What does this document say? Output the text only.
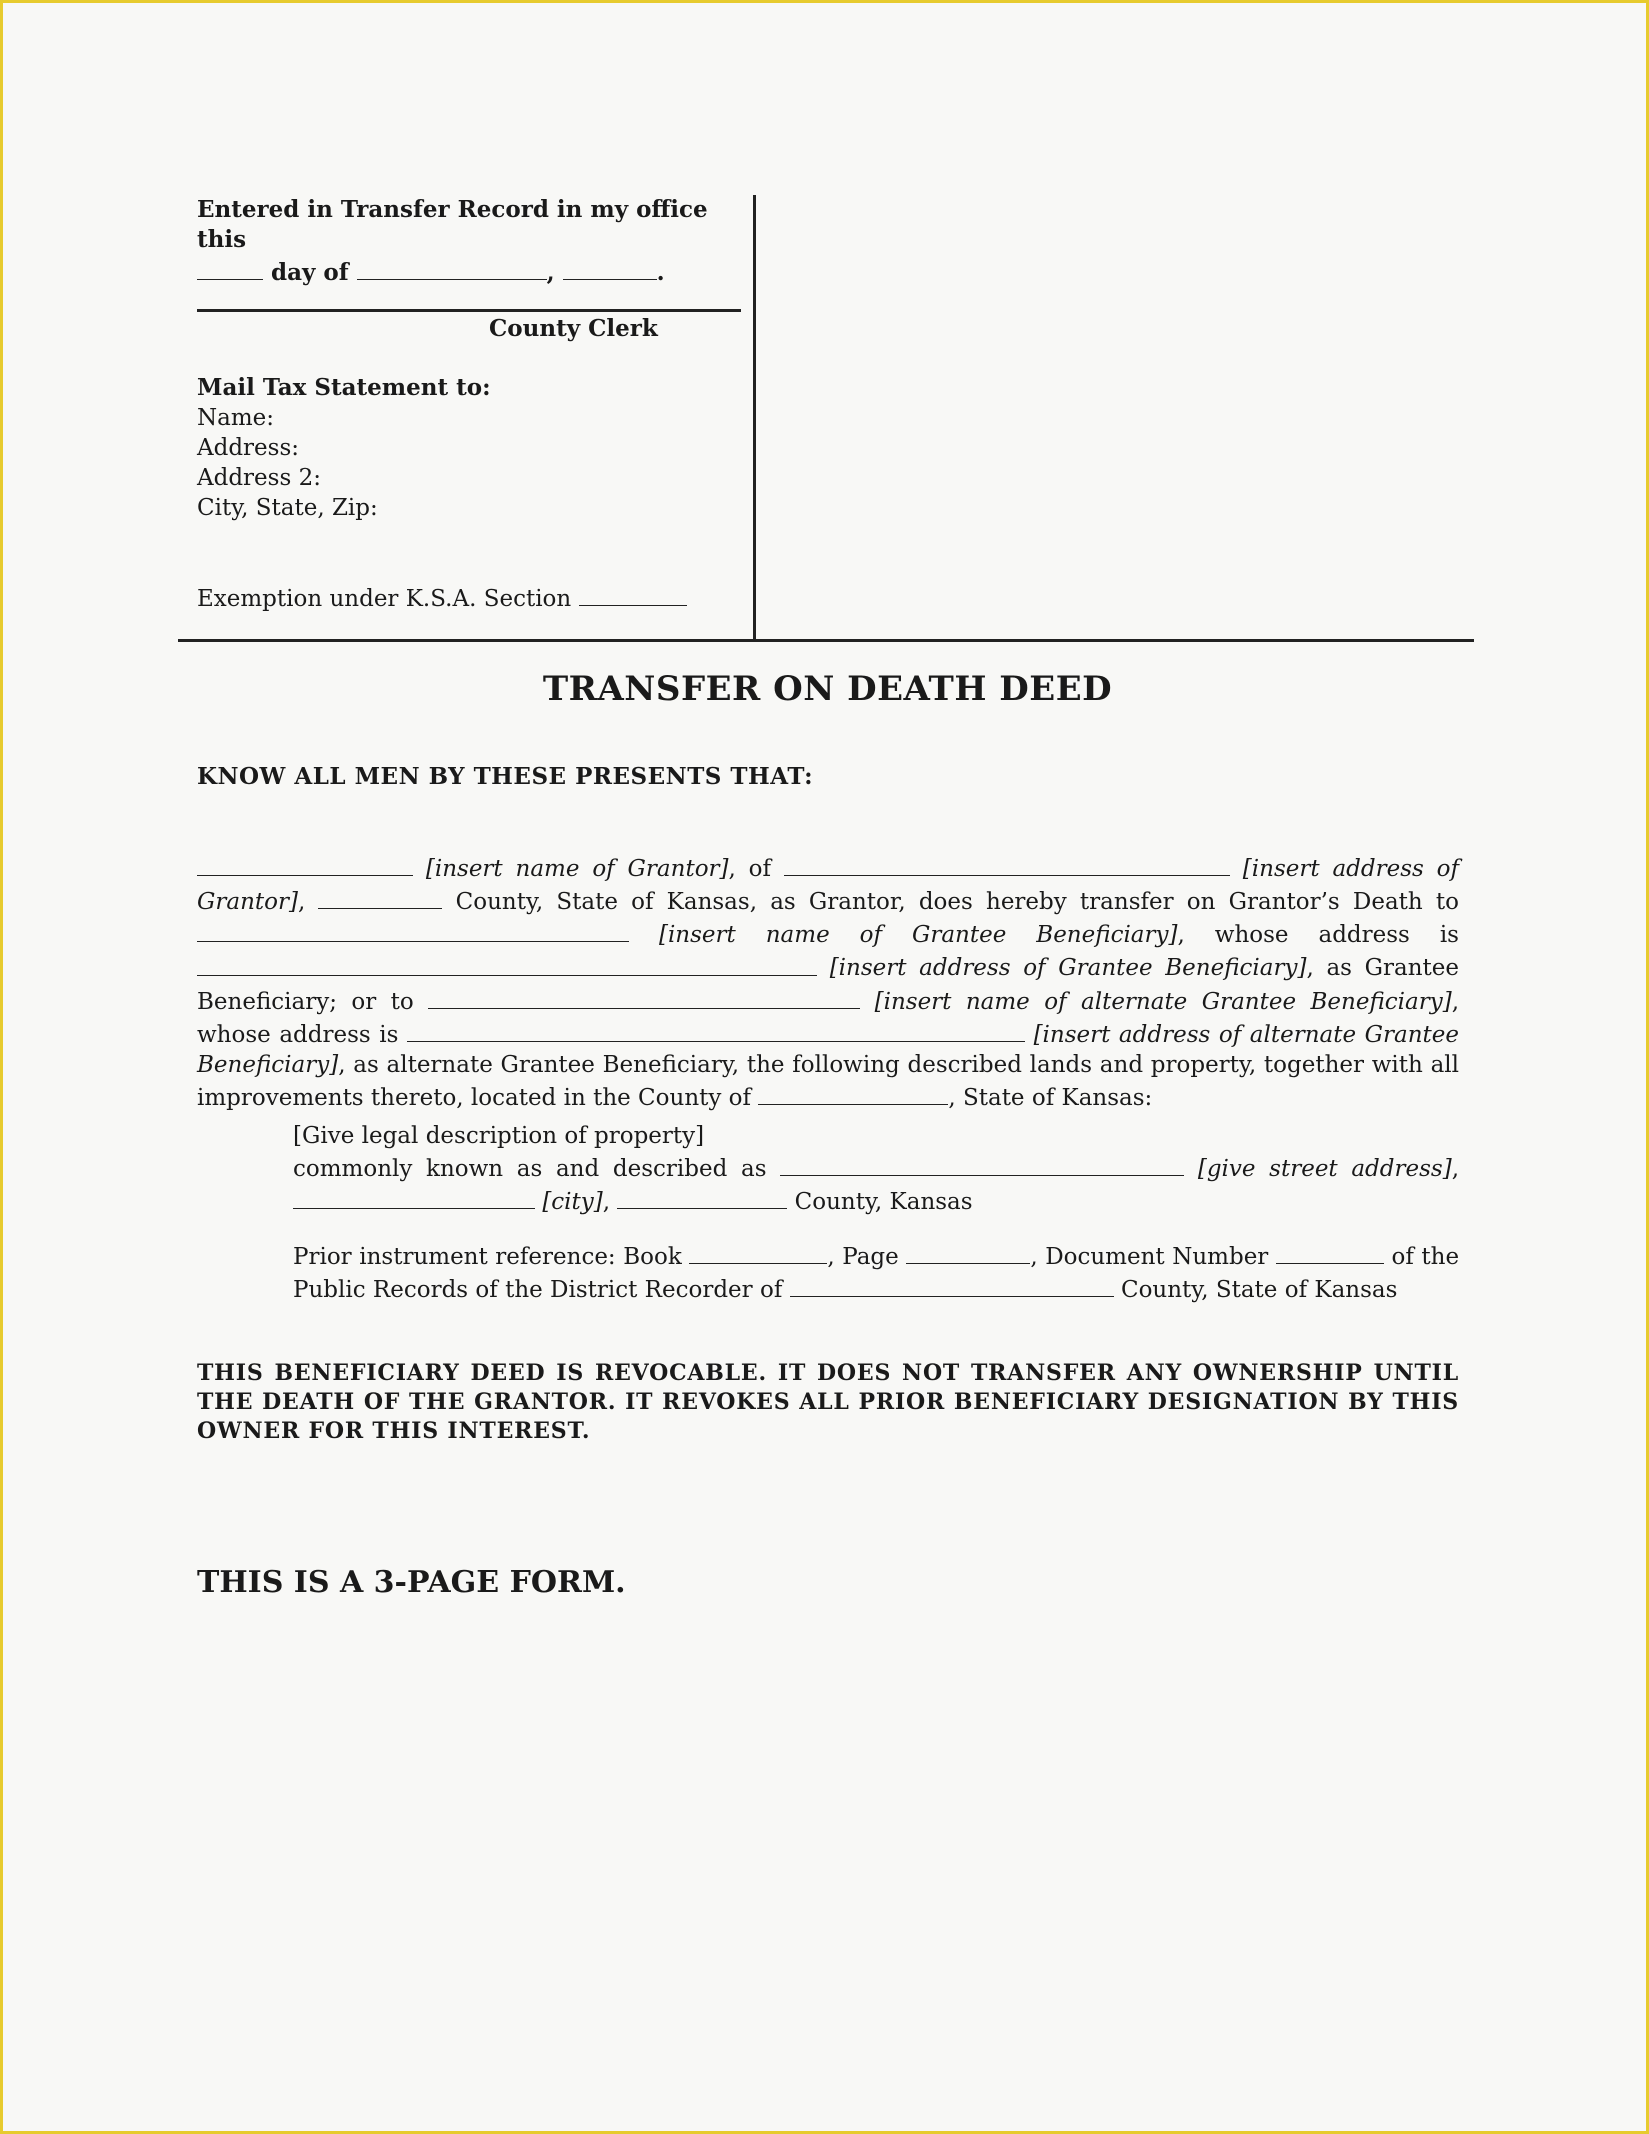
Entered in Transfer Record in my office this
day of	,	.
County Clerk
Mail Tax Statement to:
Name:
Address:
Address 2:
City, State, Zip:
Exemption under K.S.A. Section
TRANSFER ON DEATH DEED
KNOW ALL MEN BY THESE PRESENTS THAT:
[insert name of Grantor], of	[insert address of Grantor],	County, State of Kansas, as Grantor, does hereby transfer on Grantor’s Death to  [insert name of Grantee Beneficiary], whose address is  [insert address of Grantee Beneficiary], as Grantee Beneficiary; or to	[insert name of alternate Grantee Beneficiary], whose address is	[insert address of alternate Grantee Beneficiary], as alternate Grantee Beneficiary, the following described lands and property, together with all improvements thereto, located in the County of	, State of Kansas:
[Give legal description of property]
commonly known as and described as	[give street address],  [city],	County, Kansas
Prior instrument reference: Book	, Page	, Document Number	of the Public Records of the District Recorder of	County, State of Kansas
THIS BENEFICIARY DEED IS REVOCABLE. IT DOES NOT TRANSFER ANY OWNERSHIP UNTIL THE DEATH OF THE GRANTOR. IT REVOKES ALL PRIOR BENEFICIARY DESIGNATION BY THIS OWNER FOR THIS INTEREST.
THIS IS A 3-PAGE FORM.
